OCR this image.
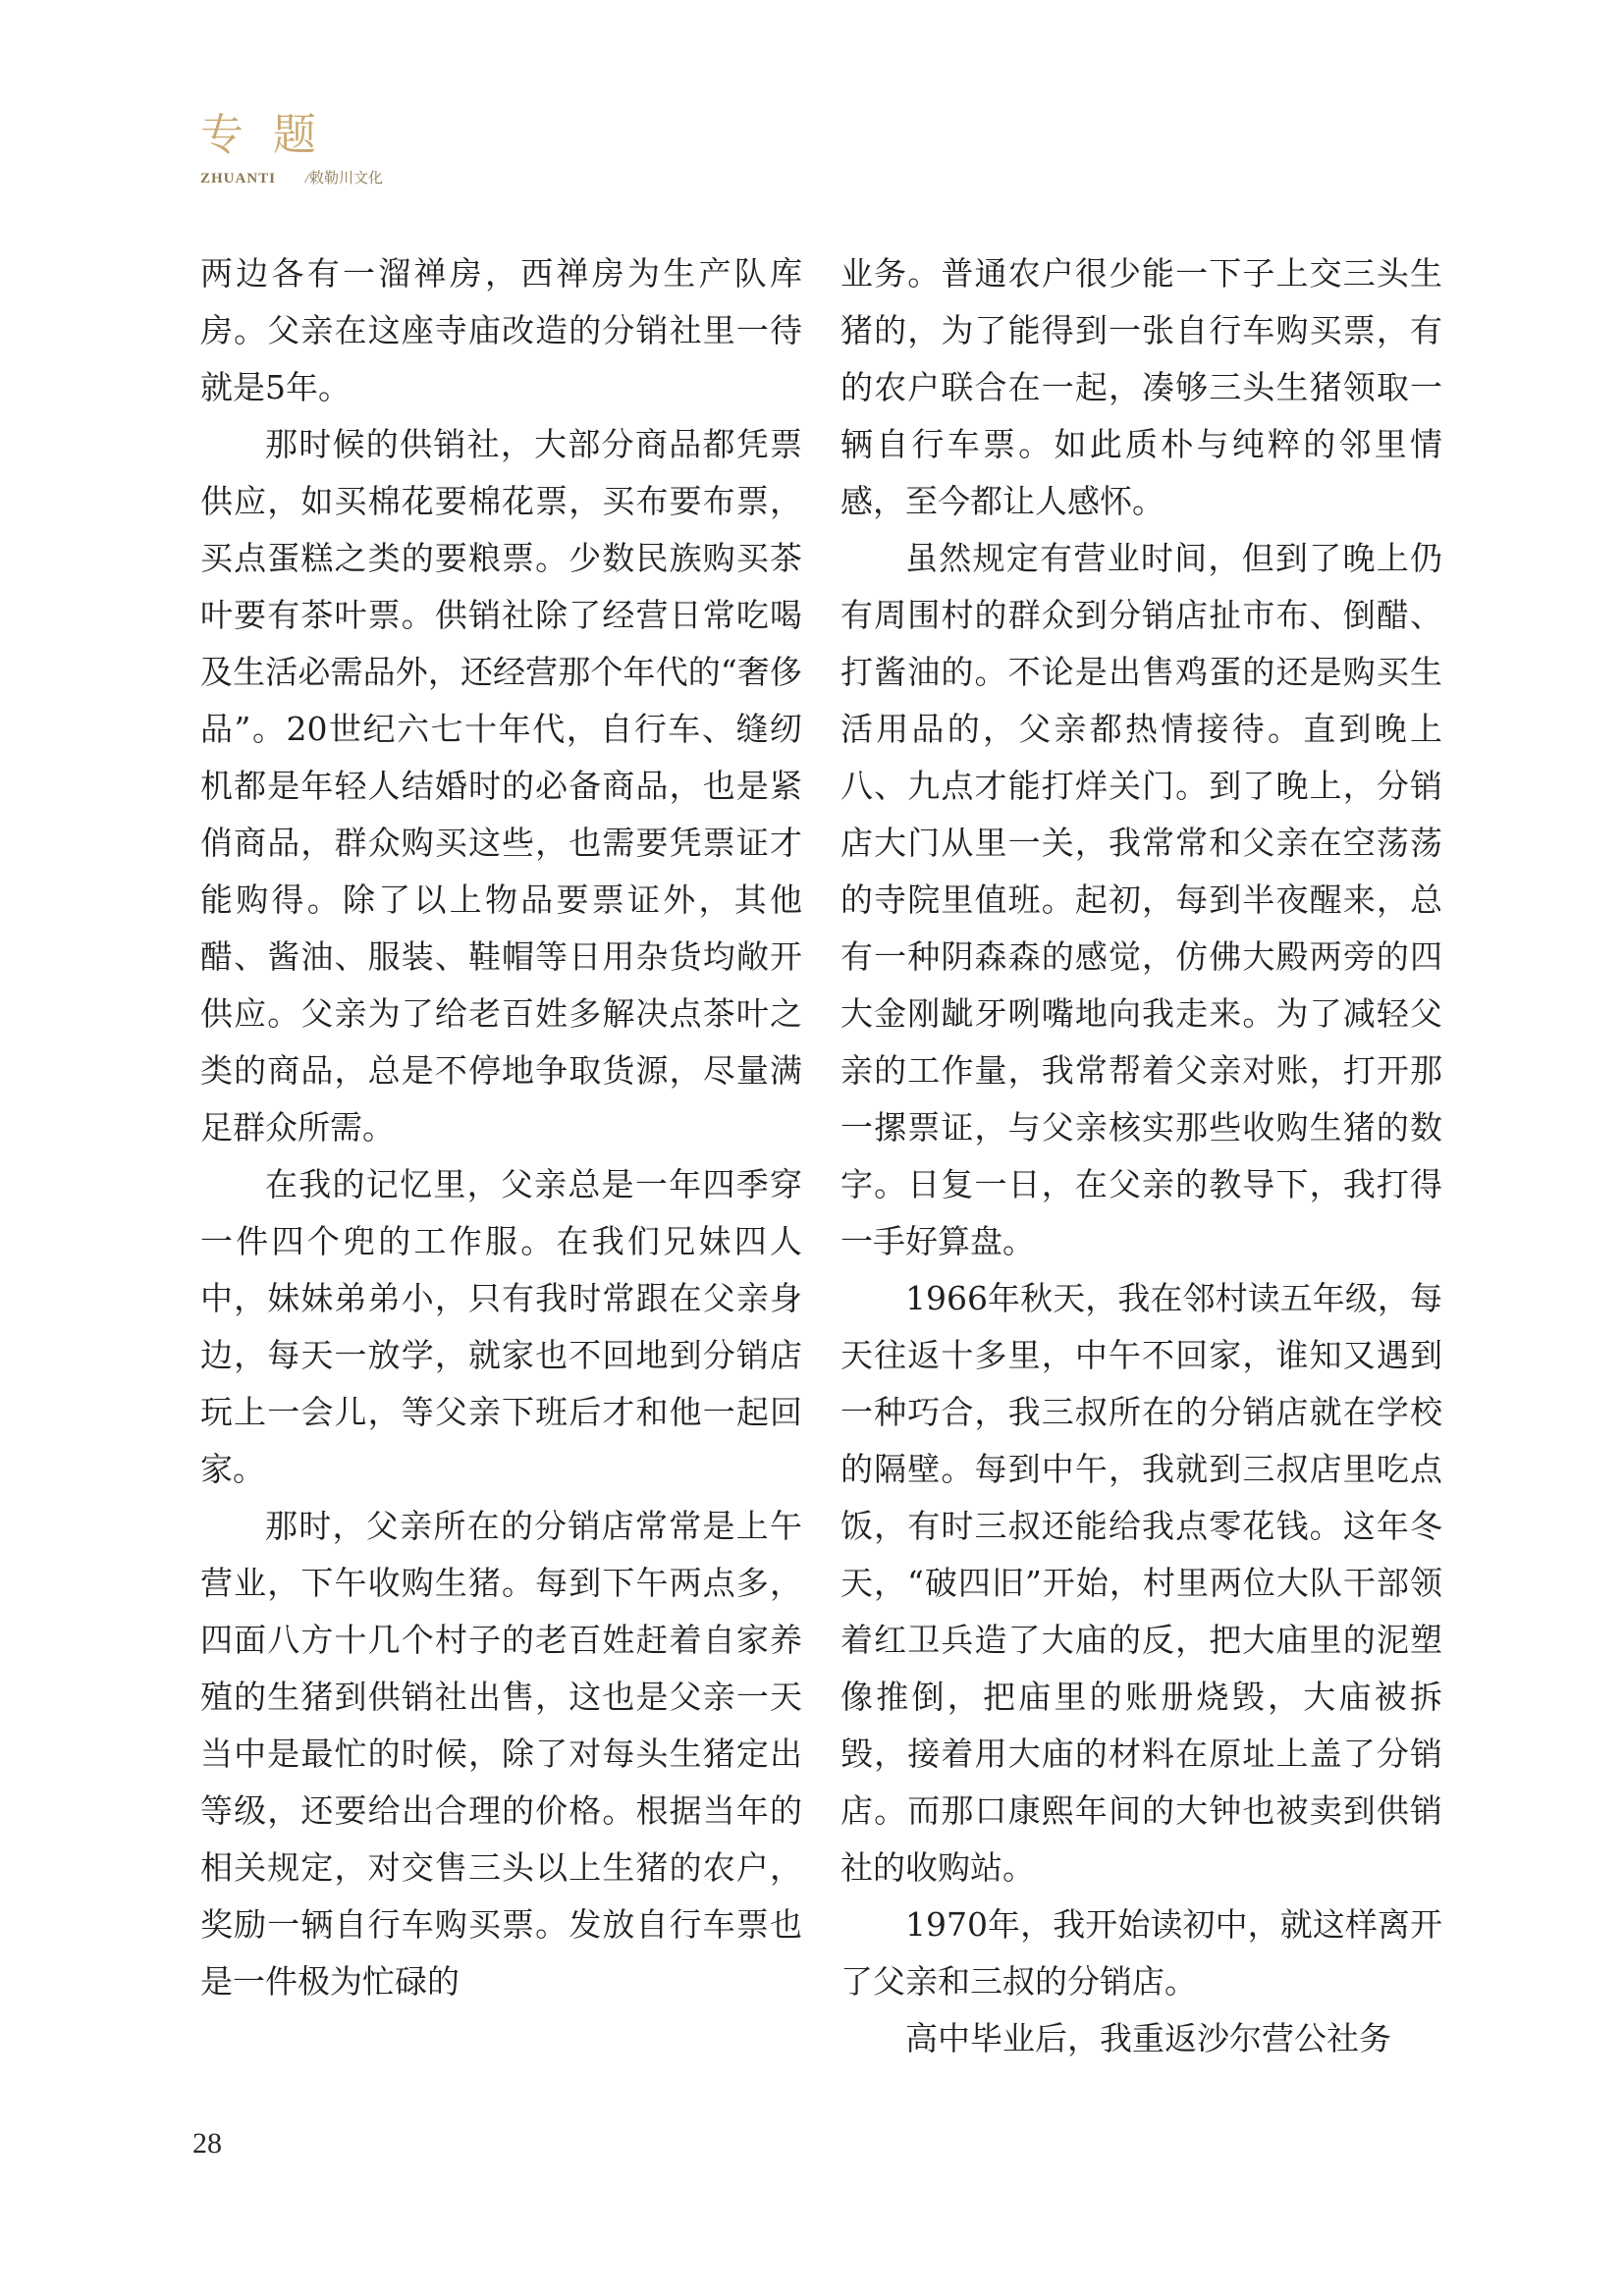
专题
ZHUANTI /敕勒川文化

两边各有一溜禅房，西禅房为生产队库房。父亲在这座寺庙改造的分销社里一待就是5年。

那时候的供销社，大部分商品都凭票供应，如买棉花要棉花票，买布要布票，买点蛋糕之类的要粮票。少数民族购买茶叶要有茶叶票。供销社除了经营日常吃喝及生活必需品外，还经营那个年代的“奢侈品”。20世纪六七十年代，自行车、缝纫机都是年轻人结婚时的必备商品，也是紧俏商品，群众购买这些，也需要凭票证才能购得。除了以上物品要票证外，其他醋、酱油、服装、鞋帽等日用杂货均敞开供应。父亲为了给老百姓多解决点茶叶之类的商品，总是不停地争取货源，尽量满足群众所需。

在我的记忆里，父亲总是一年四季穿一件四个兜的工作服。在我们兄妹四人中，妹妹弟弟小，只有我时常跟在父亲身边，每天一放学，就家也不回地到分销店玩上一会儿，等父亲下班后才和他一起回家。

那时，父亲所在的分销店常常是上午营业，下午收购生猪。每到下午两点多，四面八方十几个村子的老百姓赶着自家养殖的生猪到供销社出售，这也是父亲一天当中是最忙的时候，除了对每头生猪定出等级，还要给出合理的价格。根据当年的相关规定，对交售三头以上生猪的农户，奖励一辆自行车购买票。发放自行车票也是一件极为忙碌的

业务。普通农户很少能一下子上交三头生猪的，为了能得到一张自行车购买票，有的农户联合在一起，凑够三头生猪领取一辆自行车票。如此质朴与纯粹的邻里情感，至今都让人感怀。

虽然规定有营业时间，但到了晚上仍有周围村的群众到分销店扯市布、倒醋、打酱油的。不论是出售鸡蛋的还是购买生活用品的，父亲都热情接待。直到晚上八、九点才能打烊关门。到了晚上，分销店大门从里一关，我常常和父亲在空荡荡的寺院里值班。起初，每到半夜醒来，总有一种阴森森的感觉，仿佛大殿两旁的四大金刚龇牙咧嘴地向我走来。为了减轻父亲的工作量，我常帮着父亲对账，打开那一摞票证，与父亲核实那些收购生猪的数字。日复一日，在父亲的教导下，我打得一手好算盘。

1966年秋天，我在邻村读五年级，每天往返十多里，中午不回家，谁知又遇到一种巧合，我三叔所在的分销店就在学校的隔壁。每到中午，我就到三叔店里吃点饭，有时三叔还能给我点零花钱。这年冬天，“破四旧”开始，村里两位大队干部领着红卫兵造了大庙的反，把大庙里的泥塑像推倒，把庙里的账册烧毁，大庙被拆毁，接着用大庙的材料在原址上盖了分销店。而那口康熙年间的大钟也被卖到供销社的收购站。

1970年，我开始读初中，就这样离开了父亲和三叔的分销店。

高中毕业后，我重返沙尔营公社务

28
